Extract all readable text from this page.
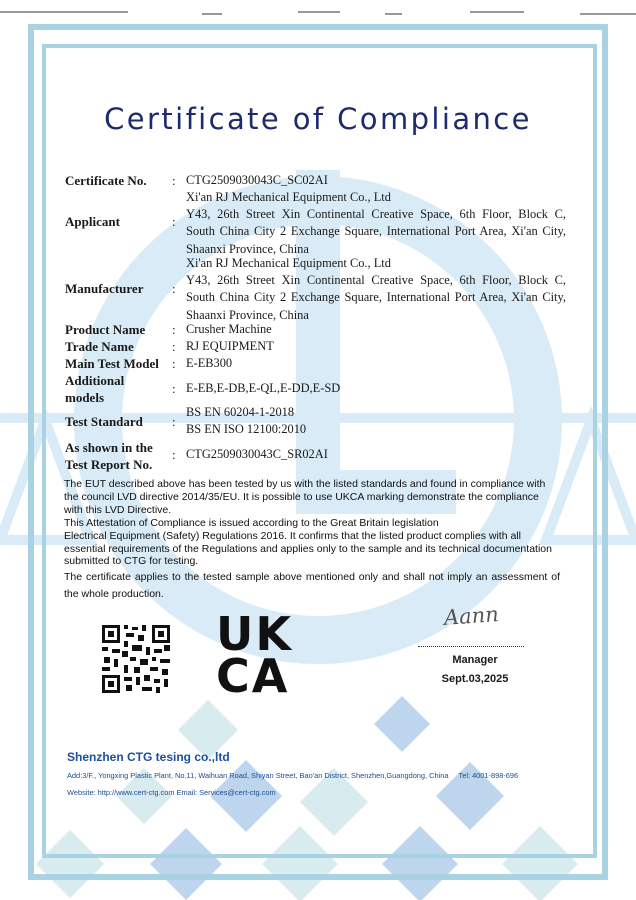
Certificate of Compliance
Certificate No. : CTG2509030043C_SC02AI
Applicant	:
Xi'an RJ Mechanical Equipment Co., Ltd
Y43, 26th Street Xin Continental Creative Space, 6th Floor, Block C,
South China City 2 Exchange Square, International Port Area, Xi'an City,
Shaanxi Province, China
Manufacturer :
Xi'an RJ Mechanical Equipment Co., Ltd
Y43, 26th Street Xin Continental Creative Space, 6th Floor, Block C,
South China City 2 Exchange Square, International Port Area, Xi'an City,
Shaanxi Province, China
Product Name : Crusher Machine
Trade Name	: RJ EQUIPMENT
Main Test Model : E-EB300
Additional
models
: E-EB,E-DB,E-QL,E-DD,E-SD
Test Standard :
BS EN 60204-1-2018
BS EN ISO 12100:2010
As shown in the
Test Report No.
: CTG2509030043C_SR02AI

The EUT described above has been tested by us with the listed standards and found in compliance with the council LVD directive 2014/35/EU. It is possible to use UKCA marking demonstrate the compliance with this LVD Directive.

This Attestation of Compliance is issued according to the Great Britain legislation

Electrical Equipment (Safety) Regulations 2016. It confirms that the listed product complies with all essential requirements of the Regulations and applies only to the sample and its technical documentation submitted to CTG for testing.

The certificate applies to the tested sample above mentioned only and shall not imply an assessment of the whole production.
UK
CA
Aann
Manager
Sept.03,2025
Shenzhen CTG tesing co.,ltd
Add:3/F., Yongxing Plastic Plant, No.11, Waihuan Road, Shiyan Street, Bao'an District, Shenzhen,Guangdong, China Tel: 4001-898-696
Website: http://www.cert-ctg.com Email: Services@cert-ctg.com
